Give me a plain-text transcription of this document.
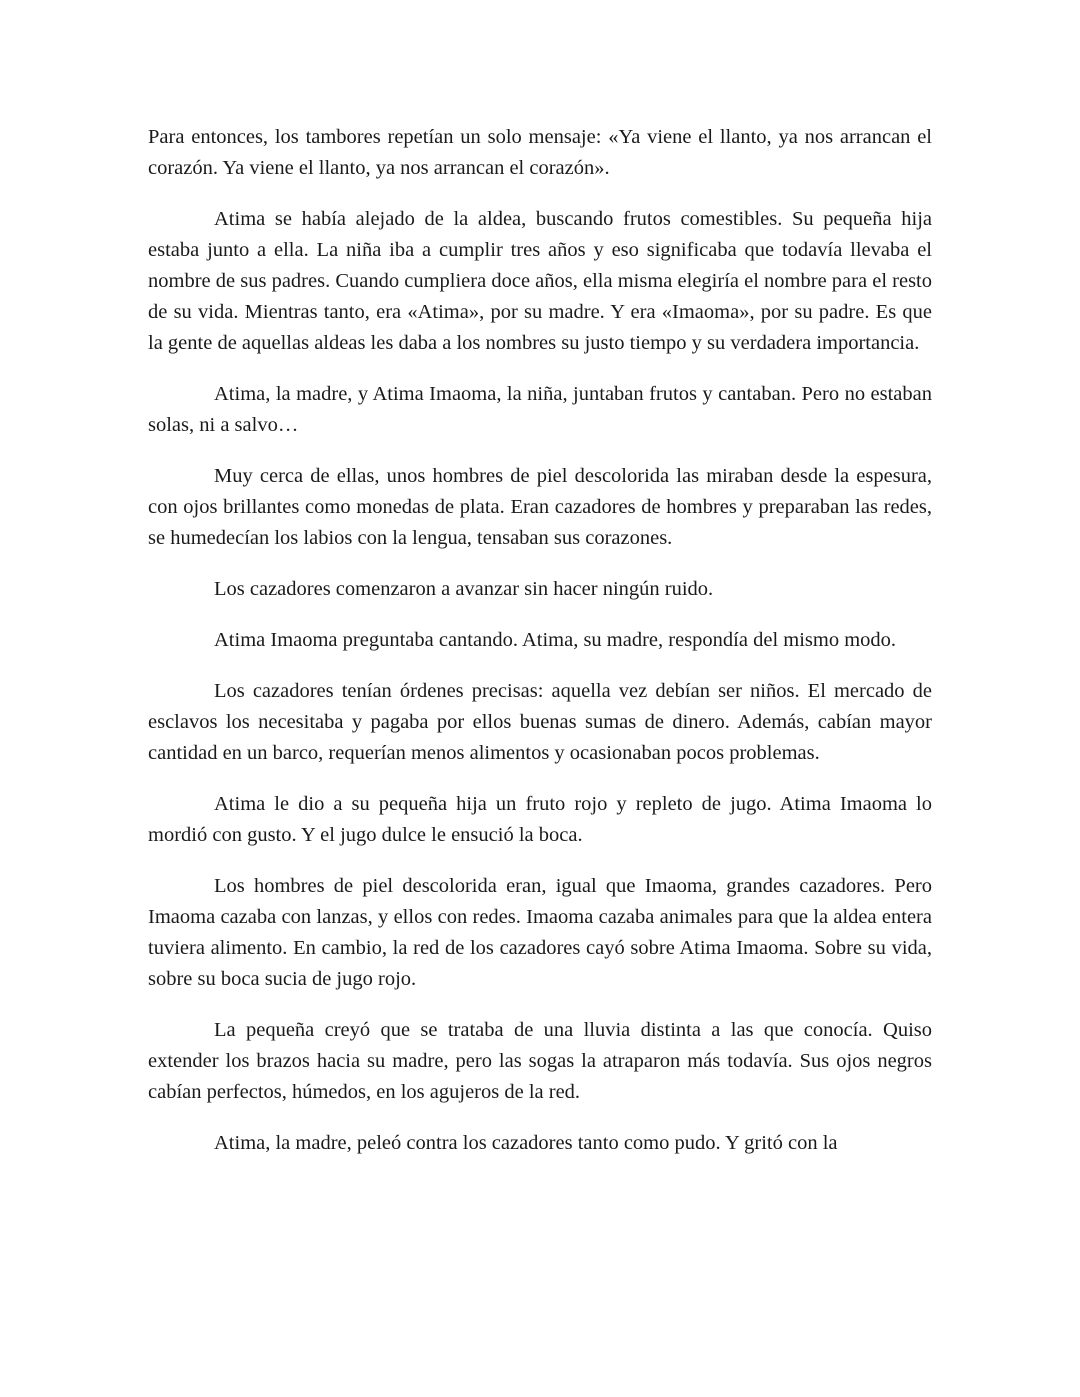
Para entonces, los tambores repetían un solo mensaje: «Ya viene el llanto, ya nos arrancan el corazón. Ya viene el llanto, ya nos arrancan el corazón».

Atima se había alejado de la aldea, buscando frutos comestibles. Su pequeña hija estaba junto a ella. La niña iba a cumplir tres años y eso significaba que todavía llevaba el nombre de sus padres. Cuando cumpliera doce años, ella misma elegiría el nombre para el resto de su vida. Mientras tanto, era «Atima», por su madre. Y era «Imaoma», por su padre. Es que la gente de aquellas aldeas les daba a los nombres su justo tiempo y su verdadera importancia.

Atima, la madre, y Atima Imaoma, la niña, juntaban frutos y cantaban. Pero no estaban solas, ni a salvo…

Muy cerca de ellas, unos hombres de piel descolorida las miraban desde la espesura, con ojos brillantes como monedas de plata. Eran cazadores de hombres y preparaban las redes, se humedecían los labios con la lengua, tensaban sus corazones.

Los cazadores comenzaron a avanzar sin hacer ningún ruido.

Atima Imaoma preguntaba cantando. Atima, su madre, respondía del mismo modo.

Los cazadores tenían órdenes precisas: aquella vez debían ser niños. El mercado de esclavos los necesitaba y pagaba por ellos buenas sumas de dinero. Además, cabían mayor cantidad en un barco, requerían menos alimentos y ocasionaban pocos problemas.

Atima le dio a su pequeña hija un fruto rojo y repleto de jugo. Atima Imaoma lo mordió con gusto. Y el jugo dulce le ensució la boca.

Los hombres de piel descolorida eran, igual que Imaoma, grandes cazadores. Pero Imaoma cazaba con lanzas, y ellos con redes. Imaoma cazaba animales para que la aldea entera tuviera alimento. En cambio, la red de los cazadores cayó sobre Atima Imaoma. Sobre su vida, sobre su boca sucia de jugo rojo.

La pequeña creyó que se trataba de una lluvia distinta a las que conocía. Quiso extender los brazos hacia su madre, pero las sogas la atraparon más todavía. Sus ojos negros cabían perfectos, húmedos, en los agujeros de la red.

Atima, la madre, peleó contra los cazadores tanto como pudo. Y gritó con la
